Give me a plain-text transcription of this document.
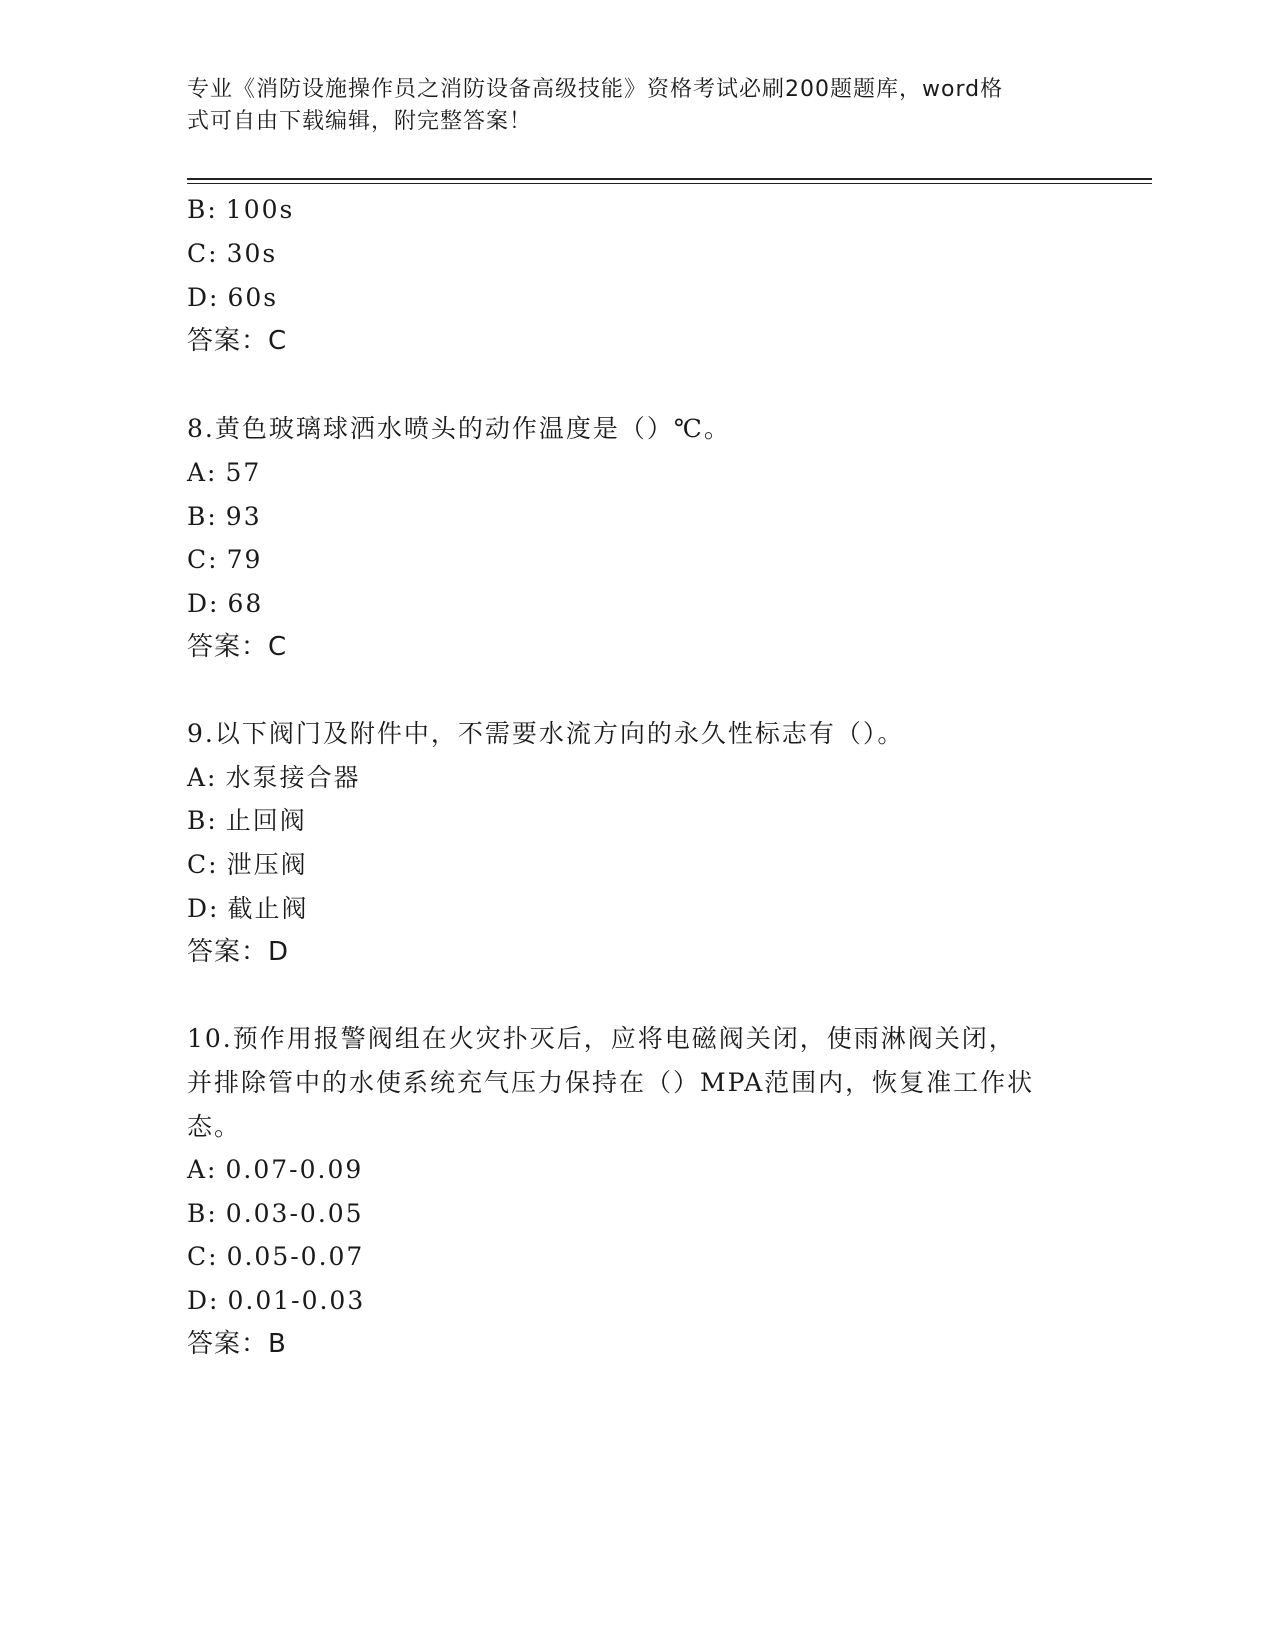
专业《消防设施操作员之消防设备高级技能》资格考试必刷200题题库，word格
式可自由下载编辑，附完整答案！
B: 100s
C: 30s
D: 60s
答案：C
8.黄色玻璃球洒水喷头的动作温度是（）℃。
A: 57
B: 93
C: 79
D: 68
答案：C
9.以下阀门及附件中，不需要水流方向的永久性标志有（）。
A: 水泵接合器
B: 止回阀
C: 泄压阀
D: 截止阀
答案：D
10.预作用报警阀组在火灾扑灭后，应将电磁阀关闭，使雨淋阀关闭，
并排除管中的水使系统充气压力保持在（）MPA范围内，恢复准工作状
态。
A: 0.07-0.09
B: 0.03-0.05
C: 0.05-0.07
D: 0.01-0.03
答案：B
